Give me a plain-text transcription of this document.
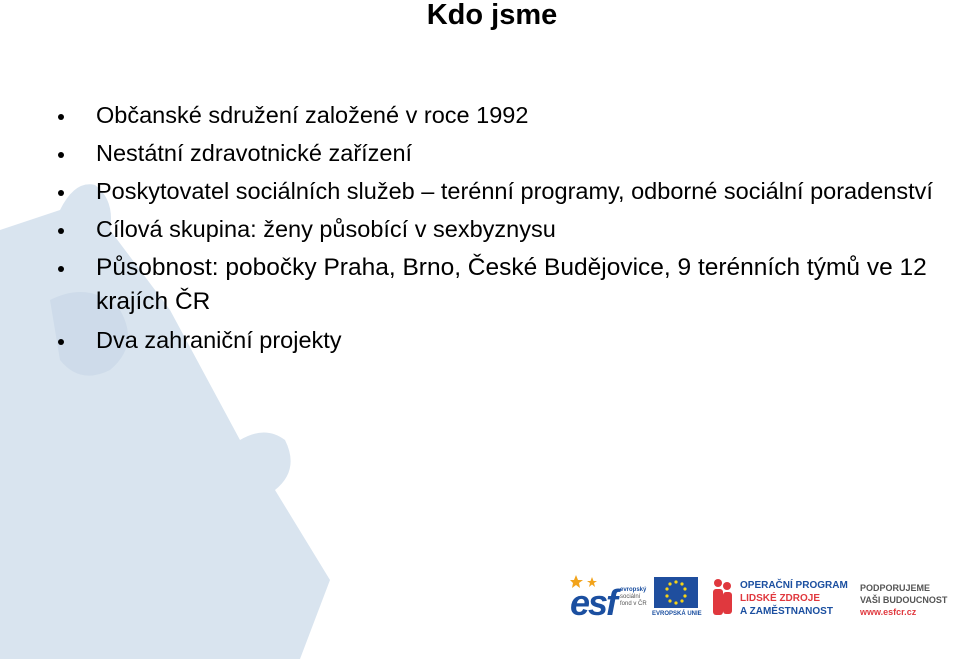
Kdo jsme
Občanské sdružení založené v roce 1992
Nestátní zdravotnické zařízení
Poskytovatel sociálních služeb – terénní programy, odborné sociální poradenství
Cílová skupina: ženy působící v sexbyznysu
Působnost: pobočky Praha, Brno, České Budějovice, 9 terénních týmů ve 12 krajích ČR
Dva zahraniční projekty
esf evropský
sociální
fond v ČR
EVROPSKÁ UNIE
OPERAČNÍ PROGRAM
LIDSKÉ ZDROJE
A ZAMĚSTNANOST
PODPORUJEME
VAŠI BUDOUCNOST
www.esfcr.cz
